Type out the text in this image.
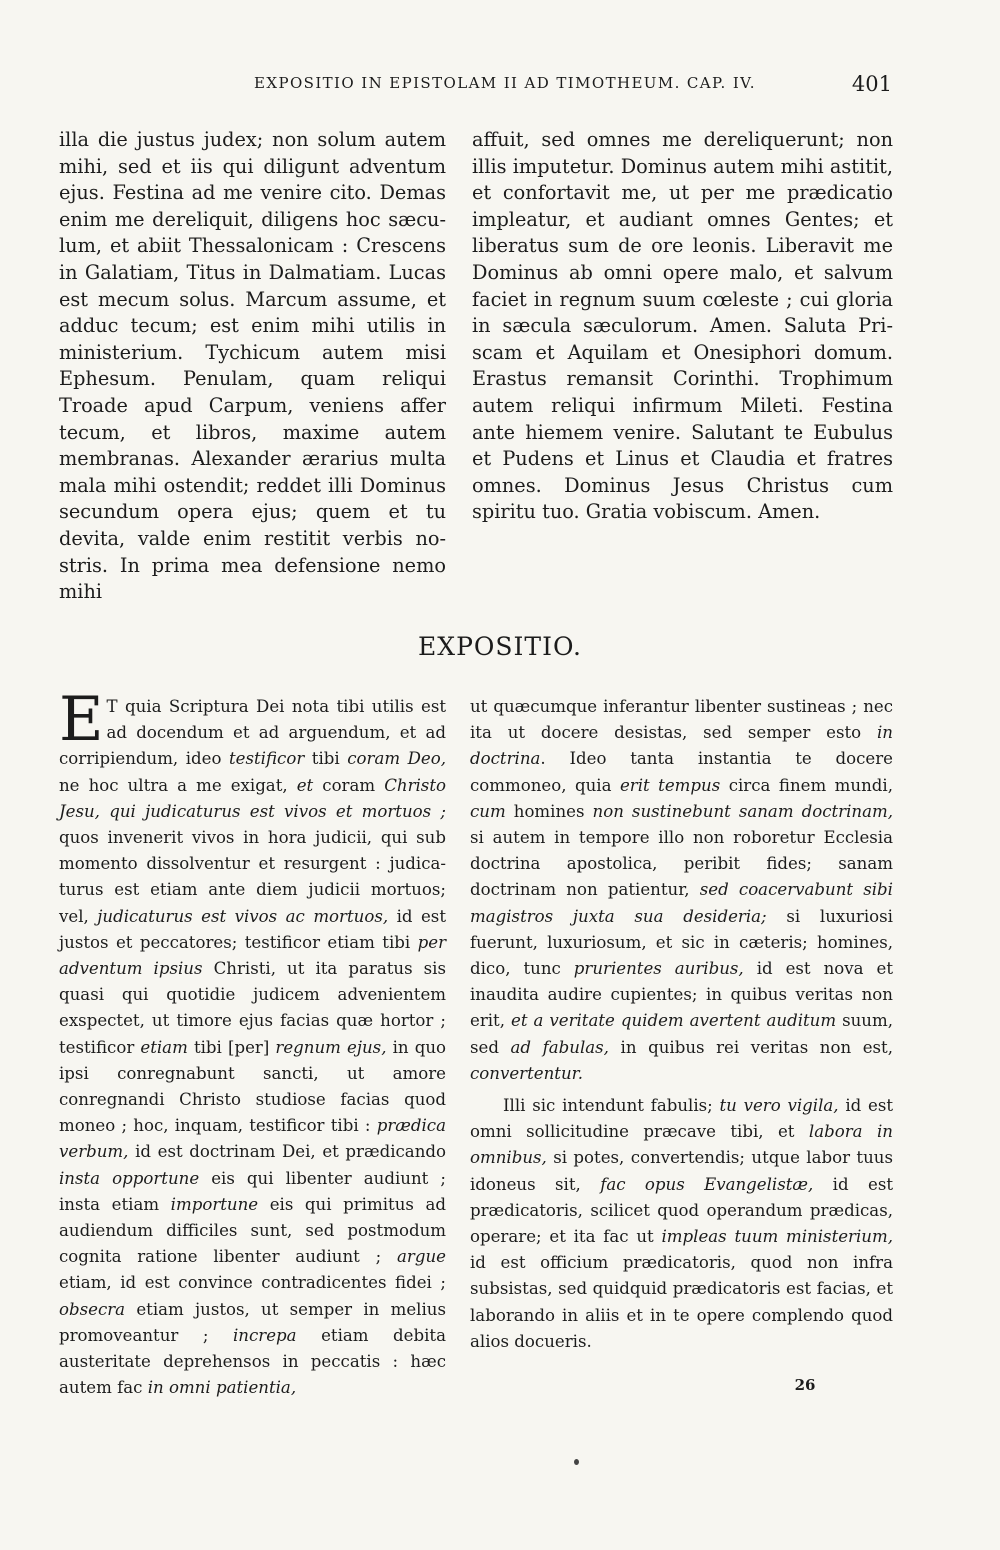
EXPOSITIO IN EPISTOLAM II AD TIMOTHEUM. CAP. IV.	401

illa die justus judex; non solum autem mihi, sed et iis qui diligunt adventum ejus. Festina ad me venire cito. Demas enim me dereliquit, diligens hoc sæculum, et abiit Thessalonicam : Crescens in Galatiam, Titus in Dalmatiam. Lucas est mecum solus. Marcum assume, et adduc tecum; est enim mihi utilis in ministerium. Tychicum autem misi Ephesum. Penulam, quam reliqui Troade apud Carpum, veniens affer tecum, et libros, maxime autem membranas. Alexander ærarius multa mala mihi ostendit; reddet illi Dominus secundum opera ejus; quem et tu devita, valde enim restitit verbis nostris. In prima mea defensione nemo mihi

affuit, sed omnes me dereliquerunt; non illis imputetur. Dominus autem mihi astitit, et confortavit me, ut per me prædicatio impleatur, et audiant omnes Gentes; et liberatus sum de ore leonis. Liberavit me Dominus ab omni opere malo, et salvum faciet in regnum suum cœleste ; cui gloria in sæcula sæculorum. Amen. Saluta Priscam et Aquilam et Onesiphori domum. Erastus remansit Corinthi. Trophimum autem reliqui infirmum Mileti. Festina ante hiemem venire. Salutant te Eubulus et Pudens et Linus et Claudia et fratres omnes. Dominus Jesus Christus cum spiritu tuo. Gratia vobiscum. Amen.

EXPOSITIO.

E T quia Scriptura Dei nota tibi utilis est ad docendum et ad arguendum, et ad corripiendum, ideo testificor tibi coram Deo, ne hoc ultra a me exigat, et coram Christo Jesu, qui judicaturus est vivos et mortuos ; quos invenerit vivos in hora judicii, qui sub momento dissolventur et resurgent : judicaturus est etiam ante diem judicii mortuos; vel, judicaturus est vivos ac mortuos, id est justos et peccatores; testificor etiam tibi per adventum ipsius Christi, ut ita paratus sis quasi qui quotidie judicem advenientem exspectet, ut timore ejus facias quæ hortor ; testificor etiam tibi [per] regnum ejus, in quo ipsi conregnabunt sancti, ut amore conregnandi Christo studiose facias quod moneo ; hoc, inquam, testificor tibi : prædica verbum, id est doctrinam Dei, et prædicando insta opportune eis qui libenter audiunt ; insta etiam importune eis qui primitus ad audiendum difficiles sunt, sed postmodum cognita ratione libenter audiunt ; argue etiam, id est convince contradicentes fidei ; obsecra etiam justos, ut semper in melius promoveantur ; increpa etiam debita austeritate deprehensos in peccatis : hæc autem fac in omni patientia,

ut quæcumque inferantur libenter sustineas ; nec ita ut docere desistas, sed semper esto in doctrina. Ideo tanta instantia te docere commoneo, quia erit tempus circa finem mundi, cum homines non sustinebunt sanam doctrinam, si autem in tempore illo non roboretur Ecclesia doctrina apostolica, peribit fides; sanam doctrinam non patientur, sed coacervabunt sibi magistros juxta sua desideria; si luxuriosi fuerunt, luxuriosum, et sic in cæteris; homines, dico, tunc prurientes auribus, id est nova et inaudita audire cupientes; in quibus veritas non erit, et a veritate quidem avertent auditum suum, sed ad fabulas, in quibus rei veritas non est, convertentur.

Illi sic intendunt fabulis; tu vero vigila, id est omni sollicitudine præcave tibi, et labora in omnibus, si potes, convertendis; utque labor tuus idoneus sit, fac opus Evangelistæ, id est prædicatoris, scilicet quod operandum prædicas, operare; et ita fac ut impleas tuum ministerium, id est officium prædicatoris, quod non infra subsistas, sed quidquid prædicatoris est facias, et laborando in aliis et in te opere complendo quod alios docueris.

26
